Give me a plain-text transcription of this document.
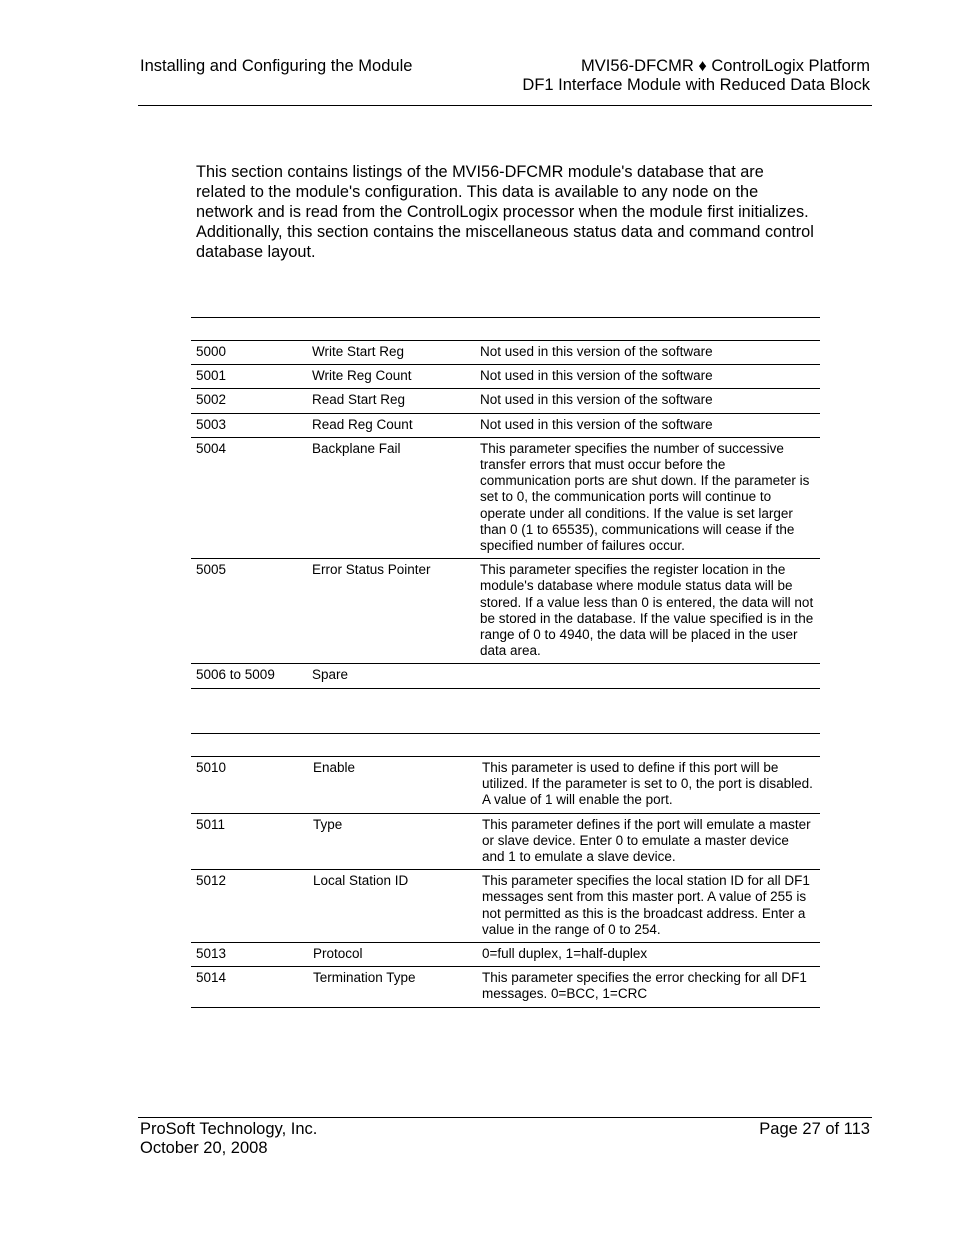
Installing and Configuring the Module	MVI56-DFCMR ♦ ControlLogix Platform
DF1 Interface Module with Reduced Data Block
This section contains listings of the MVI56-DFCMR module's database that are related to the module's configuration. This data is available to any node on the network and is read from the ControlLogix processor when the module first initializes. Additionally, this section contains the miscellaneous status data and command control database layout.
5000	Write Start Reg	Not used in this version of the software
5001	Write Reg Count	Not used in this version of the software
5002	Read Start Reg	Not used in this version of the software
5003	Read Reg Count	Not used in this version of the software
5004	Backplane Fail	This parameter specifies the number of successive transfer errors that must occur before the communication ports are shut down. If the parameter is set to 0, the communication ports will continue to operate under all conditions. If the value is set larger than 0 (1 to 65535), communications will cease if the specified number of failures occur.
5005	Error Status Pointer	This parameter specifies the register location in the module's database where module status data will be stored. If a value less than 0 is entered, the data will not be stored in the database. If the value specified is in the range of 0 to 4940, the data will be placed in the user data area.
5006 to 5009	Spare
5010	Enable	This parameter is used to define if this port will be utilized. If the parameter is set to 0, the port is disabled. A value of 1 will enable the port.
5011	Type	This parameter defines if the port will emulate a master or slave device. Enter 0 to emulate a master device and 1 to emulate a slave device.
5012	Local Station ID	This parameter specifies the local station ID for all DF1 messages sent from this master port. A value of 255 is not permitted as this is the broadcast address. Enter a value in the range of 0 to 254.
5013	Protocol	0=full duplex, 1=half-duplex
5014	Termination Type	This parameter specifies the error checking for all DF1 messages. 0=BCC, 1=CRC
ProSoft Technology, Inc.
October 20, 2008
Page 27 of 113
